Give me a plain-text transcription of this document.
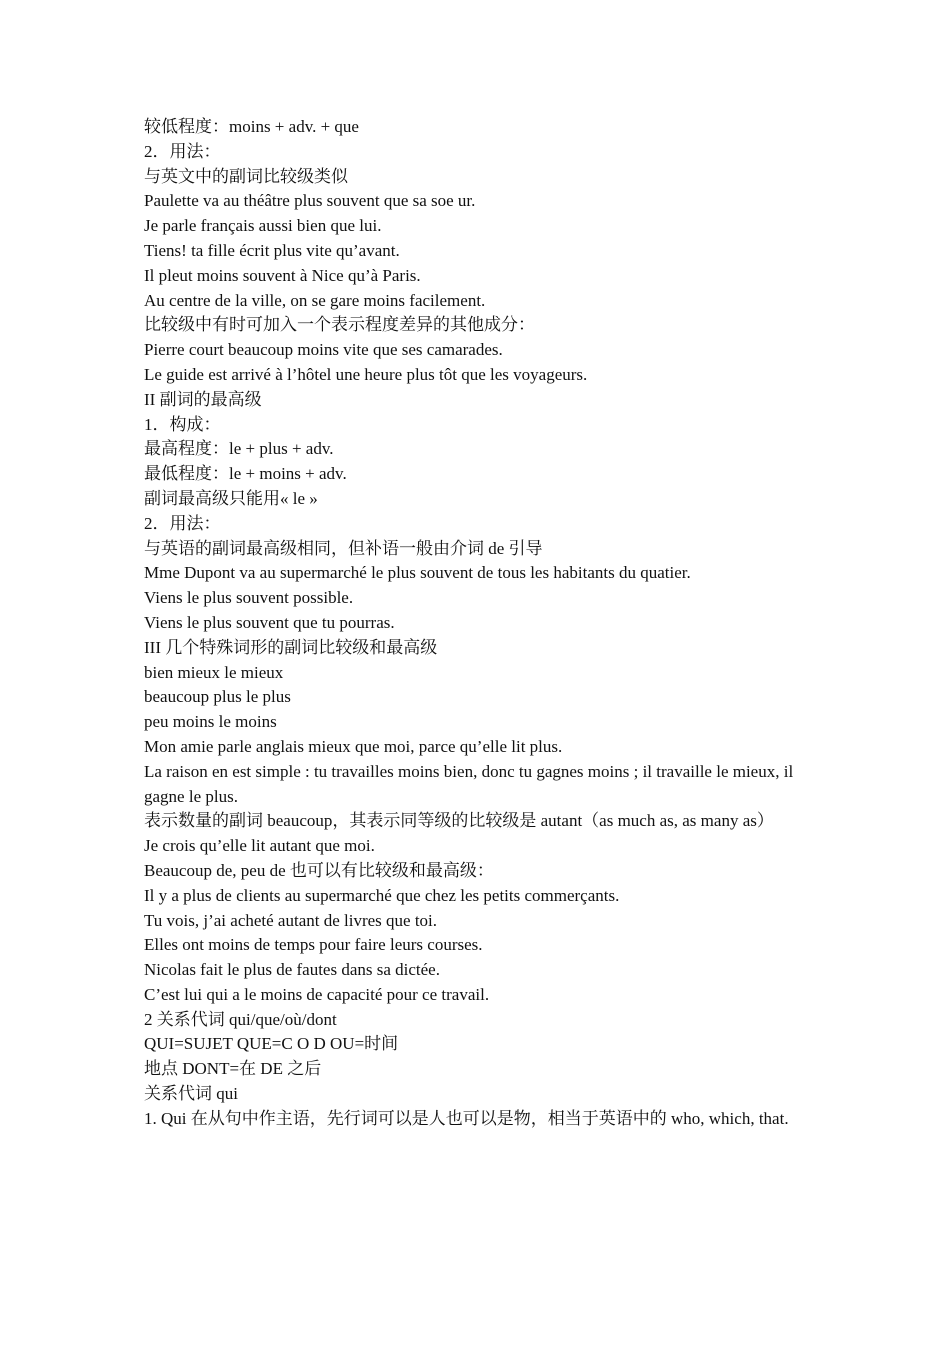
较低程度：moins + adv. + que
2．用法：
与英文中的副词比较级类似
Paulette va au théâtre plus souvent que sa soe ur.
Je parle français aussi bien que lui.
Tiens! ta fille écrit plus vite qu’avant.
Il pleut moins souvent à Nice qu’à Paris.
Au centre de la ville, on se gare moins facilement.
比较级中有时可加入一个表示程度差异的其他成分：
Pierre court beaucoup moins vite que ses camarades.
Le guide est arrivé à l’hôtel une heure plus tôt que les voyageurs.
II 副词的最高级
1．构成：
最高程度：le + plus + adv.
最低程度：le + moins + adv.
副词最高级只能用« le »
2．用法：
与英语的副词最高级相同，但补语一般由介词 de 引导
Mme Dupont va au supermarché le plus souvent de tous les habitants du quatier.
Viens le plus souvent possible.
Viens le plus souvent que tu pourras.
III 几个特殊词形的副词比较级和最高级
bien mieux le mieux
beaucoup plus le plus
peu moins le moins
Mon amie parle anglais mieux que moi, parce qu’elle lit plus.
La raison en est simple : tu travailles moins bien, donc tu gagnes moins ; il travaille le mieux, il gagne le plus.
表示数量的副词 beaucoup，其表示同等级的比较级是 autant（as much as, as many as）
Je crois qu’elle lit autant que moi.
Beaucoup de, peu de 也可以有比较级和最高级：
Il y a plus de clients au supermarché que chez les petits commerçants.
Tu vois, j’ai acheté autant de livres que toi.
Elles ont moins de temps pour faire leurs courses.
Nicolas fait le plus de fautes dans sa dictée.
C’est lui qui a le moins de capacité pour ce travail.
2 关系代词 qui/que/où/dont
QUI=SUJET QUE=C O D OU=时间
地点 DONT=在 DE 之后
关系代词 qui
1. Qui 在从句中作主语，先行词可以是人也可以是物，相当于英语中的 who, which, that.
